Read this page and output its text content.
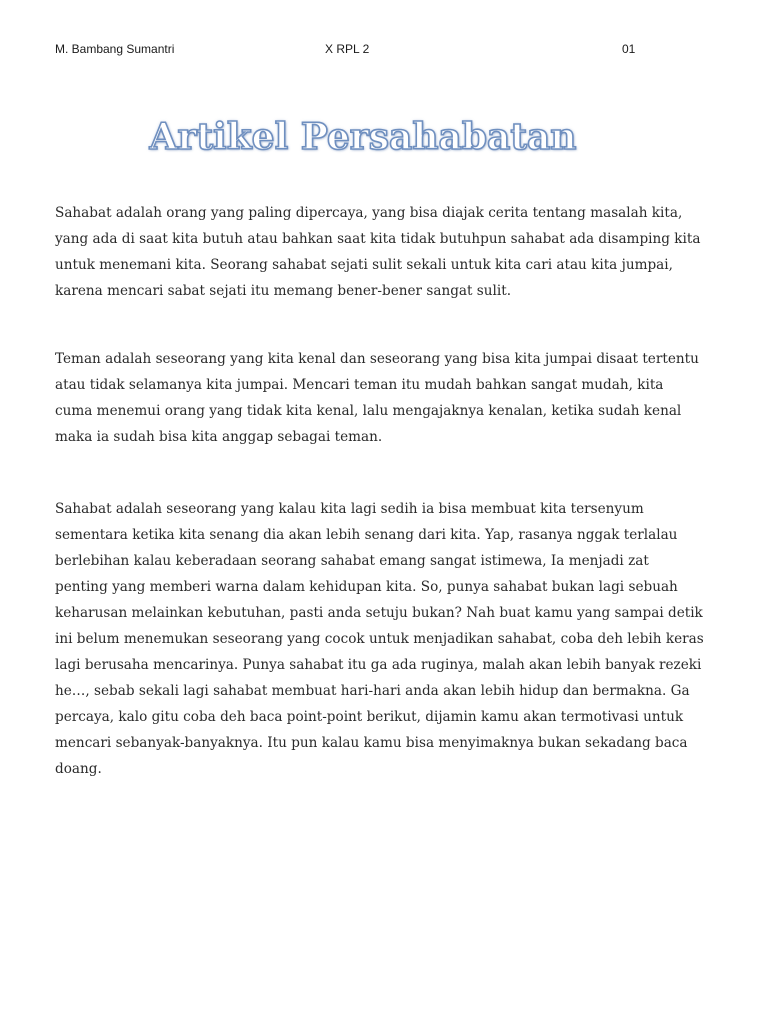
M. Bambang Sumantri	X RPL 2	01
Artikel Persahabatan

Sahabat adalah orang yang paling dipercaya, yang bisa diajak cerita tentang masalah kita, yang ada di saat kita butuh atau bahkan saat kita tidak butuhpun sahabat ada disamping kita untuk menemani kita. Seorang sahabat sejati sulit sekali untuk kita cari atau kita jumpai, karena mencari sabat sejati itu memang bener-bener sangat sulit.

Teman adalah seseorang yang kita kenal dan seseorang yang bisa kita jumpai disaat tertentu atau tidak selamanya kita jumpai. Mencari teman itu mudah bahkan sangat mudah, kita cuma menemui orang yang tidak kita kenal, lalu mengajaknya kenalan, ketika sudah kenal maka ia sudah bisa kita anggap sebagai teman.

Sahabat adalah seseorang yang kalau kita lagi sedih ia bisa membuat kita tersenyum sementara ketika kita senang dia akan lebih senang dari kita. Yap, rasanya nggak terlalau berlebihan kalau keberadaan seorang sahabat emang sangat istimewa, Ia menjadi zat penting yang memberi warna dalam kehidupan kita. So, punya sahabat bukan lagi sebuah keharusan melainkan kebutuhan, pasti anda setuju bukan? Nah buat kamu yang sampai detik ini belum menemukan seseorang yang cocok untuk menjadikan sahabat, coba deh lebih keras lagi berusaha mencarinya. Punya sahabat itu ga ada ruginya, malah akan lebih banyak rezeki he…, sebab sekali lagi sahabat membuat hari-hari anda akan lebih hidup dan bermakna. Ga percaya, kalo gitu coba deh baca point-point berikut, dijamin kamu akan termotivasi untuk mencari sebanyak-banyaknya. Itu pun kalau kamu bisa menyimaknya bukan sekadang baca doang.
